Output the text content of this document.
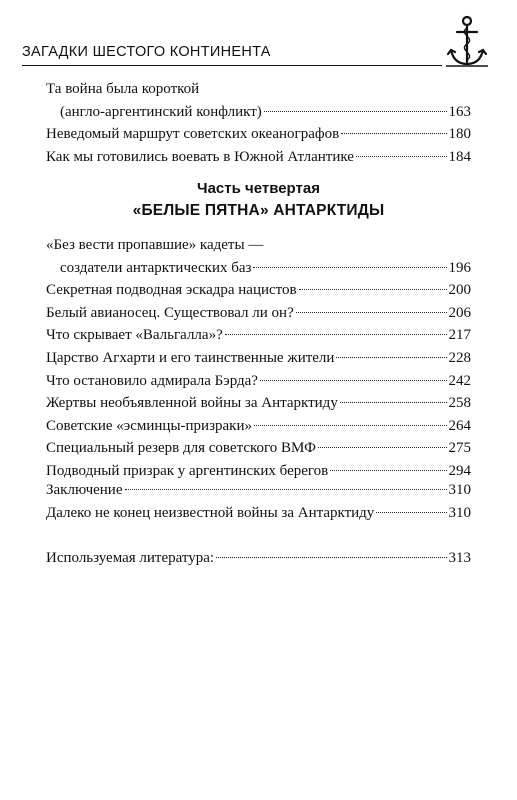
ЗАГАДКИ ШЕСТОГО КОНТИНЕНТА
Та война была короткой
(англо-аргентинский конфликт)	163
Неведомый маршрут советских океанографов	180
Как мы готовились воевать в Южной Атлантике	184
Часть четвертая
«БЕЛЫЕ ПЯТНА» АНТАРКТИДЫ
«Без вести пропавшие» кадеты —
создатели антарктических баз	196
Секретная подводная эскадра нацистов	200
Белый авианосец. Существовал ли он?	206
Что скрывает «Вальгалла»?	217
Царство Агхарти и его таинственные жители	228
Что остановило адмирала Бэрда?	242
Жертвы необъявленной войны за Антарктиду	258
Советские «эсминцы-призраки»	264
Специальный резерв для советского ВМФ	275
Подводный призрак у аргентинских берегов	294
Заключение	310
Далеко не конец неизвестной войны за Антарктиду	310
Используемая литература:	313
